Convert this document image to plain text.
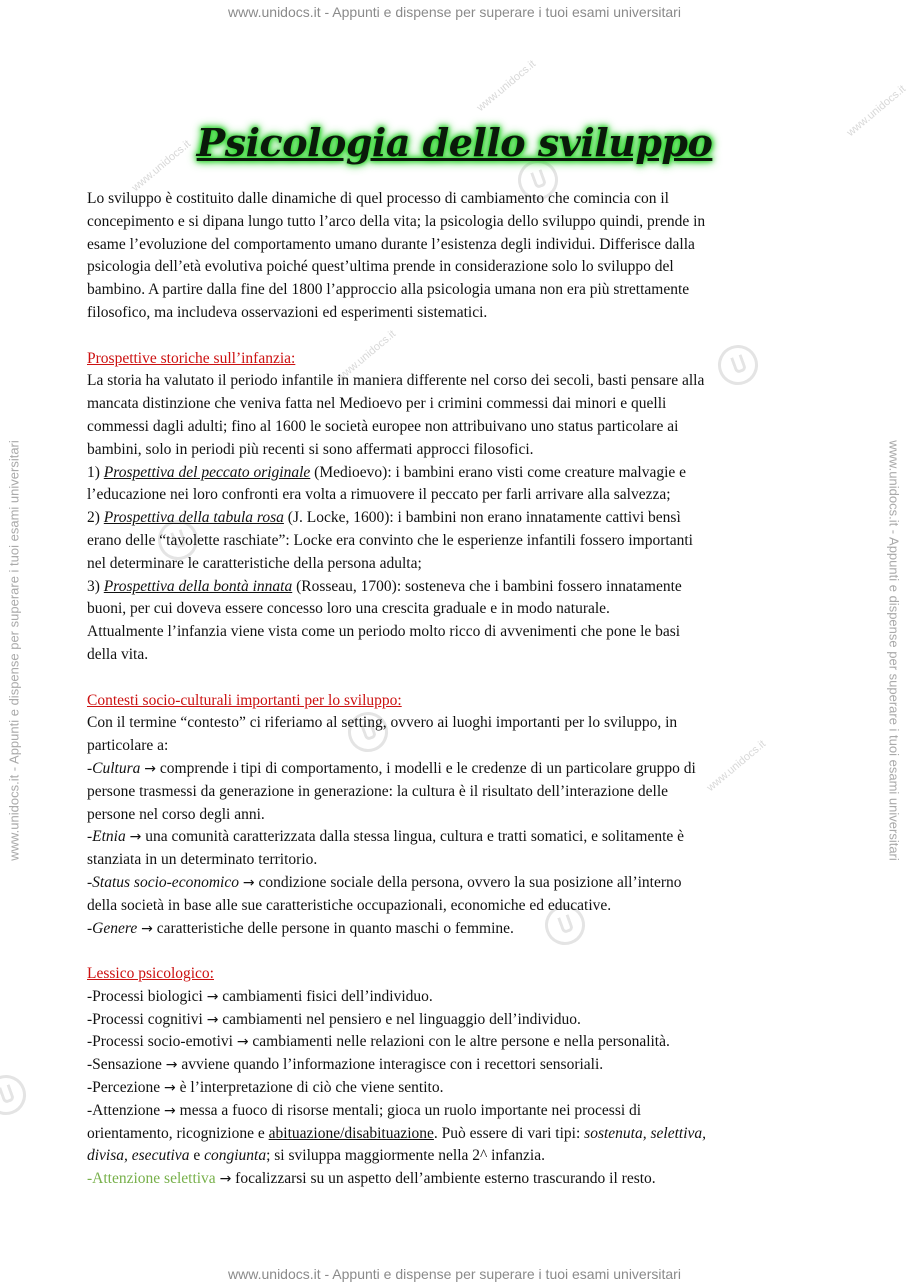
www.unidocs.it - Appunti e dispense per superare i tuoi esami universitari
www.unidocs.it - Appunti e dispense per superare i tuoi esami universitari
www.unidocs.it - Appunti e dispense per superare i tuoi esami universitari	www.unidocs.it - Appunti e dispense per superare i tuoi esami universitari
www.unidocs.it
www.unidocs.it	www.unidocs.it
www.unidocs.it
www.unidocs.it
Psicologia dello sviluppo

Lo sviluppo è costituito dalle dinamiche di quel processo di cambiamento che comincia con il

concepimento e si dipana lungo tutto l’arco della vita; la psicologia dello sviluppo quindi, prende in

esame l’evoluzione del comportamento umano durante l’esistenza degli individui. Differisce dalla

psicologia dell’età evolutiva poiché quest’ultima prende in considerazione solo lo sviluppo del

bambino. A partire dalla fine del 1800 l’approccio alla psicologia umana non era più strettamente

filosofico, ma includeva osservazioni ed esperimenti sistematici.

Prospettive storiche sull’infanzia:

La storia ha valutato il periodo infantile in maniera differente nel corso dei secoli, basti pensare alla

mancata distinzione che veniva fatta nel Medioevo per i crimini commessi dai minori e quelli

commessi dagli adulti; fino al 1600 le società europee non attribuivano uno status particolare ai

bambini, solo in periodi più recenti si sono affermati approcci filosofici.

1) Prospettiva del peccato originale (Medioevo): i bambini erano visti come creature malvagie e

l’educazione nei loro confronti era volta a rimuovere il peccato per farli arrivare alla salvezza;

2) Prospettiva della tabula rosa (J. Locke, 1600): i bambini non erano innatamente cattivi bensì

erano delle “tavolette raschiate”: Locke era convinto che le esperienze infantili fossero importanti

nel determinare le caratteristiche della persona adulta;

3) Prospettiva della bontà innata (Rosseau, 1700): sosteneva che i bambini fossero innatamente

buoni, per cui doveva essere concesso loro una crescita graduale e in modo naturale.

Attualmente l’infanzia viene vista come un periodo molto ricco di avvenimenti che pone le basi

della vita.

Contesti socio-culturali importanti per lo sviluppo:

Con il termine “contesto” ci riferiamo al setting, ovvero ai luoghi importanti per lo sviluppo, in

particolare a:

-Cultura → comprende i tipi di comportamento, i modelli e le credenze di un particolare gruppo di

persone trasmessi da generazione in generazione: la cultura è il risultato dell’interazione delle

persone nel corso degli anni.

-Etnia → una comunità caratterizzata dalla stessa lingua, cultura e tratti somatici, e solitamente è

stanziata in un determinato territorio.

-Status socio-economico → condizione sociale della persona, ovvero la sua posizione all’interno

della società in base alle sue caratteristiche occupazionali, economiche ed educative.

-Genere → caratteristiche delle persone in quanto maschi o femmine.

Lessico psicologico:

-Processi biologici → cambiamenti fisici dell’individuo.

-Processi cognitivi → cambiamenti nel pensiero e nel linguaggio dell’individuo.

-Processi socio-emotivi → cambiamenti nelle relazioni con le altre persone e nella personalità.

-Sensazione → avviene quando l’informazione interagisce con i recettori sensoriali.

-Percezione → è l’interpretazione di ciò che viene sentito.

-Attenzione → messa a fuoco di risorse mentali; gioca un ruolo importante nei processi di

orientamento, ricognizione e abituazione/disabituazione. Può essere di vari tipi: sostenuta, selettiva,

divisa, esecutiva e congiunta; si sviluppa maggiormente nella 2^ infanzia.

-Attenzione selettiva → focalizzarsi su un aspetto dell’ambiente esterno trascurando il resto.
